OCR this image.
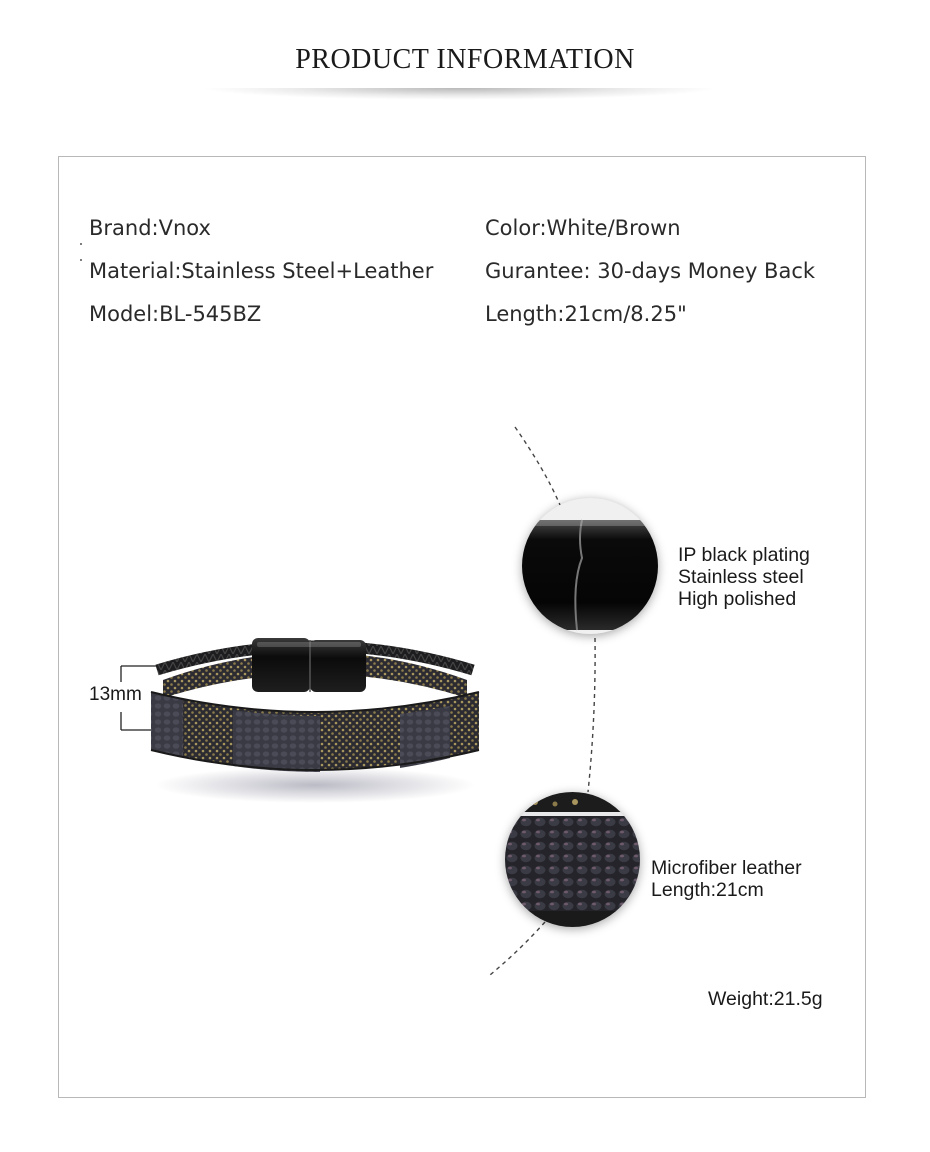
PRODUCT INFORMATION
Brand:Vnox
Material:Stainless Steel+Leather
Model:BL-545BZ
Color:White/Brown
Gurantee: 30-days Money Back
Length:21cm/8.25"
13mm
IP black plating
Stainless steel
High polished
Microfiber leather
Length:21cm
Weight:21.5g
